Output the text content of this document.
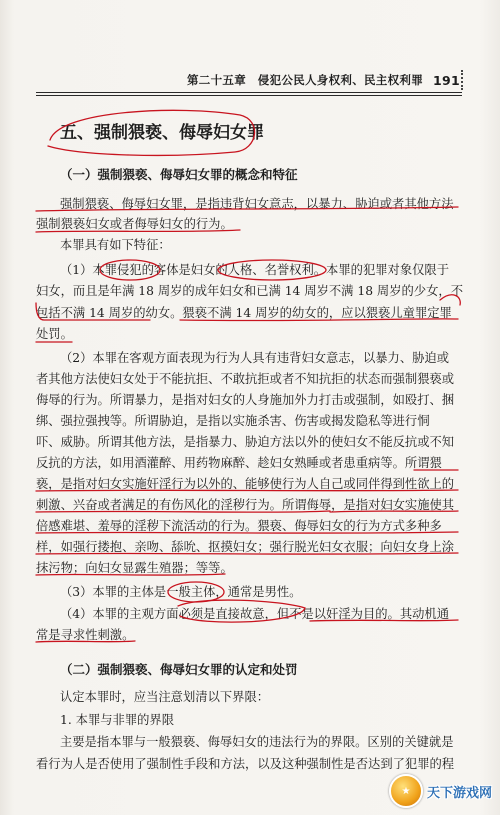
第二十五章　侵犯公民人身权利、民主权利罪 191
五、强制猥亵、侮辱妇女罪
（一）强制猥亵、侮辱妇女罪的概念和特征
强制猥亵、侮辱妇女罪，是指违背妇女意志，以暴力、胁迫或者其他方法
强制猥亵妇女或者侮辱妇女的行为。
本罪具有如下特征：
（1）本罪侵犯的客体是妇女的人格、名誉权利。本罪的犯罪对象仅限于
妇女，而且是年满 18 周岁的成年妇女和已满 14 周岁不满 18 周岁的少女，不
包括不满 14 周岁的幼女。猥亵不满 14 周岁的幼女的，应以猥亵儿童罪定罪
处罚。
（2）本罪在客观方面表现为行为人具有违背妇女意志，以暴力、胁迫或
者其他方法使妇女处于不能抗拒、不敢抗拒或者不知抗拒的状态而强制猥亵或
侮辱的行为。所谓暴力，是指对妇女的人身施加外力打击或强制，如殴打、捆
绑、强拉强拽等。所谓胁迫，是指以实施杀害、伤害或揭发隐私等进行恫
吓、威胁。所谓其他方法，是指暴力、胁迫方法以外的使妇女不能反抗或不知
反抗的方法，如用酒灌醉、用药物麻醉、趁妇女熟睡或者患重病等。所谓猥
亵，是指对妇女实施奸淫行为以外的、能够使行为人自己或同伴得到性欲上的
刺激、兴奋或者满足的有伤风化的淫秽行为。所谓侮辱，是指对妇女实施使其
倍感难堪、羞辱的淫秽下流活动的行为。猥亵、侮辱妇女的行为方式多种多
样，如强行搂抱、亲吻、舔吮、抠摸妇女；强行脱光妇女衣服；向妇女身上涂
抹污物；向妇女显露生殖器；等等。
（3）本罪的主体是一般主体，通常是男性。
（4）本罪的主观方面必须是直接故意，但不是以奸淫为目的。其动机通
常是寻求性刺激。
（二）强制猥亵、侮辱妇女罪的认定和处罚
认定本罪时，应当注意划清以下界限：
1. 本罪与非罪的界限
主要是指本罪与一般猥亵、侮辱妇女的违法行为的界限。区别的关键就是
看行为人是否使用了强制性手段和方法，以及这种强制性是否达到了犯罪的程
★	天下游戏网
